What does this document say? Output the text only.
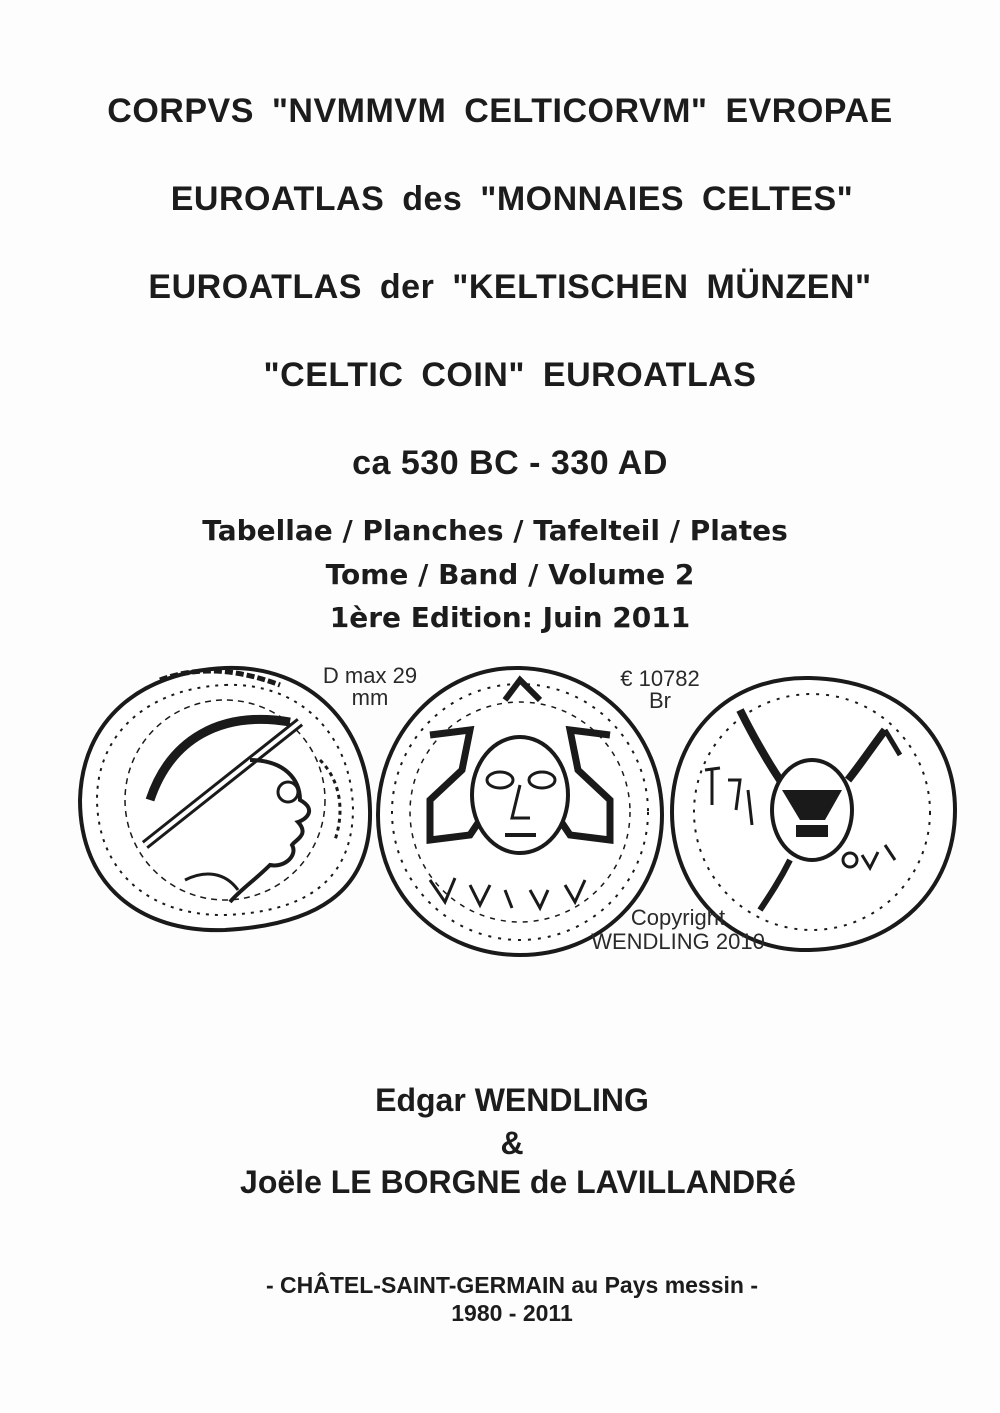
CORPVS "NVMMVM CELTICORVM" EVROPAE
EUROATLAS des "MONNAIES CELTES"
EUROATLAS der "KELTISCHEN MÜNZEN"
"CELTIC COIN" EUROATLAS
ca 530 BC - 330 AD
Tabellae / Planches / Tafelteil / Plates
Tome / Band / Volume 2
1ère Edition: Juin 2011
D max 29
mm
€ 10782
Br
Copyright
WENDLING 2010
Edgar WENDLING
&
Joële LE BORGNE de LAVILLANDRé
- CHÂTEL-SAINT-GERMAIN au Pays messin -
1980 - 2011
